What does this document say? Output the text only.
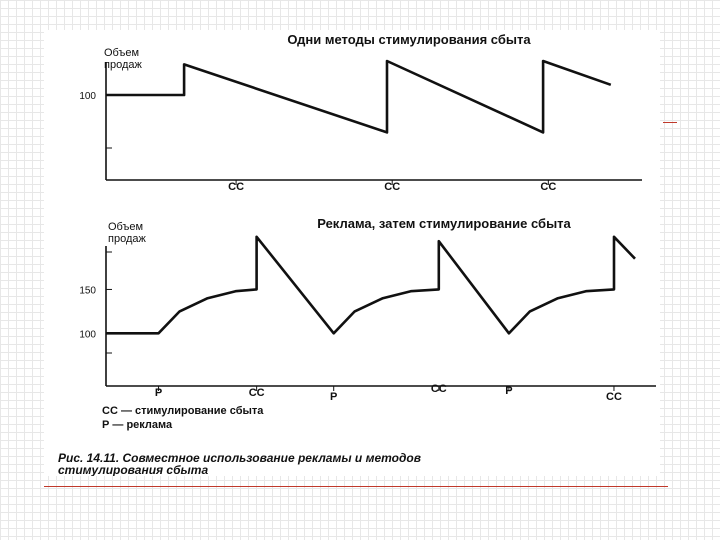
Одни методы стимулирования сбыта
Объем
продаж
100
СС	СС	СС
Реклама, затем стимулирование сбыта
Объем
продаж
150
100
Р	СС	Р
СС	Р	СС
СС — стимулирование сбыта
Р — реклама
Рис. 14.11. Совместное использование рекламы и методов
стимулирования сбыта
